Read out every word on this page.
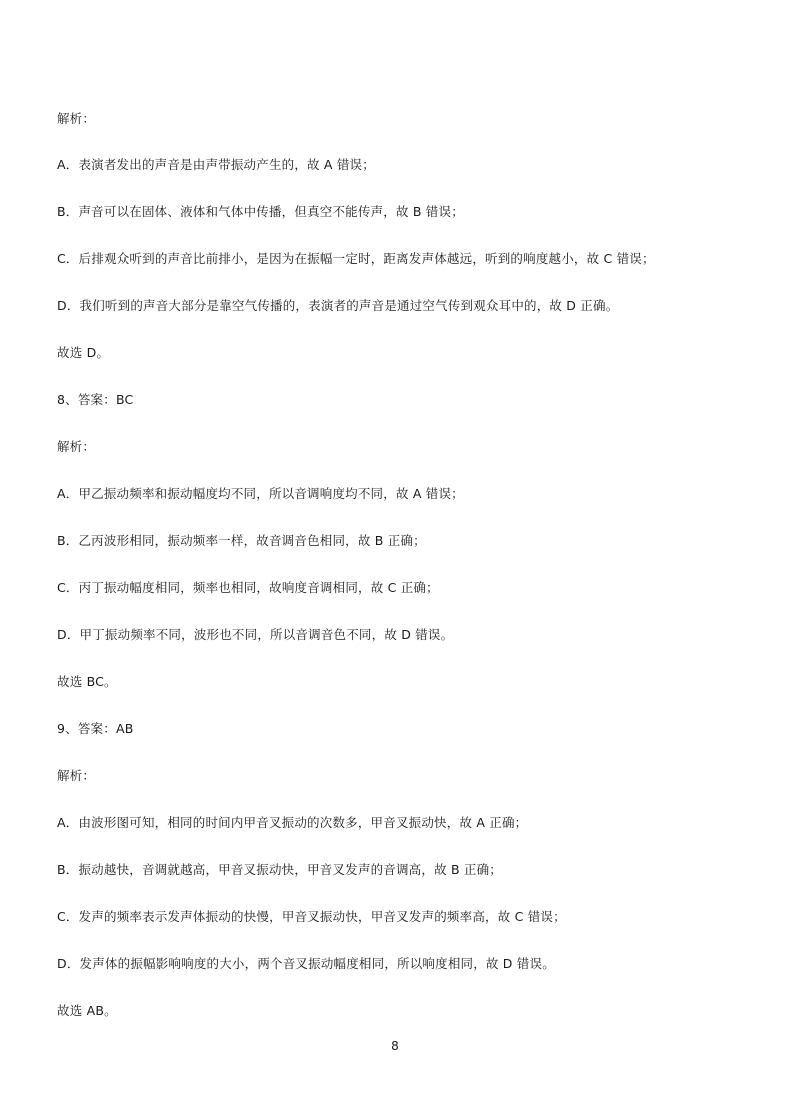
解析：
A．表演者发出的声音是由声带振动产生的，故 A 错误；
B．声音可以在固体、液体和气体中传播，但真空不能传声，故 B 错误；
C．后排观众听到的声音比前排小，是因为在振幅一定时，距离发声体越远，听到的响度越小，故 C 错误；
D．我们听到的声音大部分是靠空气传播的，表演者的声音是通过空气传到观众耳中的，故 D 正确。
故选 D。
8、答案：BC
解析：
A．甲乙振动频率和振动幅度均不同，所以音调响度均不同，故 A 错误；
B．乙丙波形相同，振动频率一样，故音调音色相同，故 B 正确；
C．丙丁振动幅度相同，频率也相同，故响度音调相同，故 C 正确；
D．甲丁振动频率不同，波形也不同，所以音调音色不同，故 D 错误。
故选 BC。
9、答案：AB
解析：
A．由波形图可知，相同的时间内甲音叉振动的次数多，甲音叉振动快，故 A 正确；
B．振动越快，音调就越高，甲音叉振动快，甲音叉发声的音调高，故 B 正确；
C．发声的频率表示发声体振动的快慢，甲音叉振动快，甲音叉发声的频率高，故 C 错误；
D．发声体的振幅影响响度的大小，两个音叉振动幅度相同，所以响度相同，故 D 错误。
故选 AB。
8
